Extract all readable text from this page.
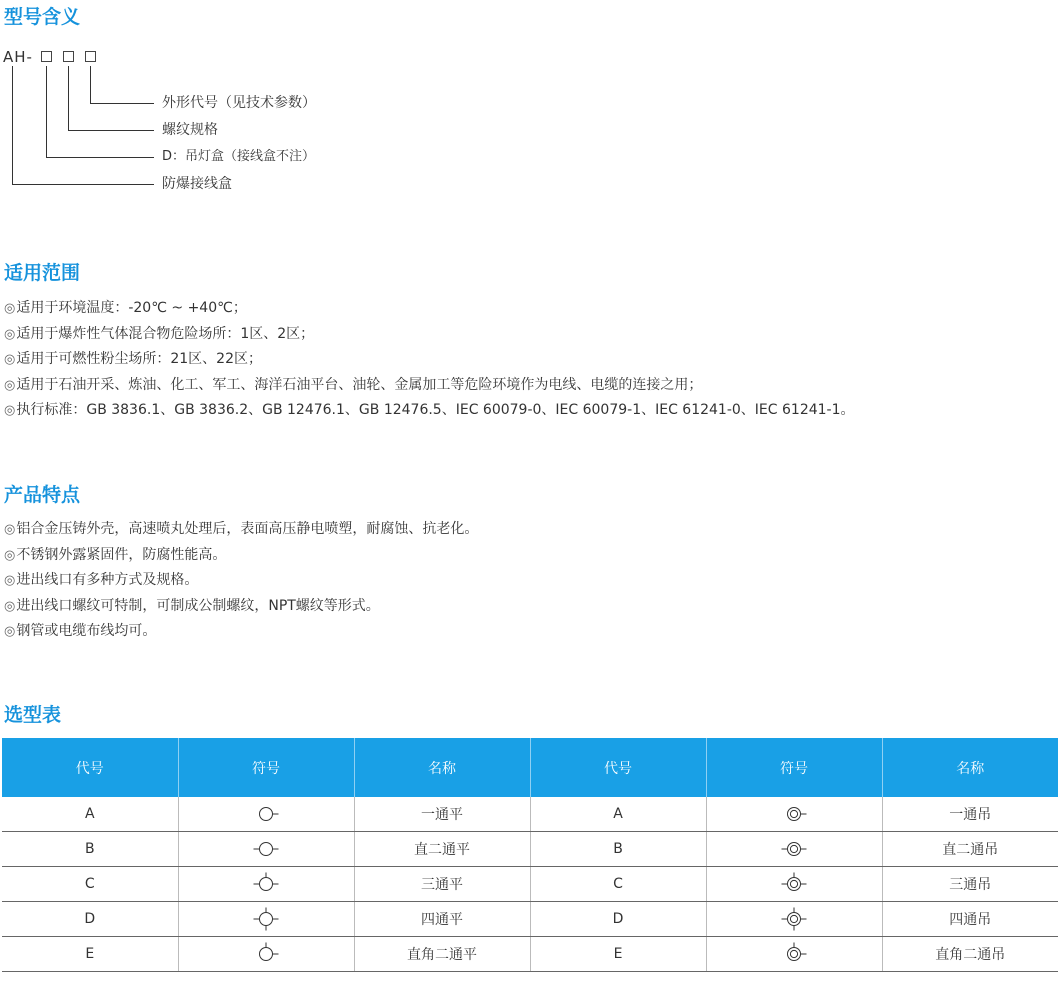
型号含义
AH-
外形代号（见技术参数）
螺纹规格
D：吊灯盒（接线盒不注）
防爆接线盒
适用范围
◎适用于环境温度：-20℃ ~ +40℃；
◎适用于爆炸性气体混合物危险场所：1区、2区；
◎适用于可燃性粉尘场所：21区、22区；
◎适用于石油开采、炼油、化工、军工、海洋石油平台、油轮、金属加工等危险环境作为电线、电缆的连接之用；
◎执行标准：GB 3836.1、GB 3836.2、GB 12476.1、GB 12476.5、IEC 60079-0、IEC 60079-1、IEC 61241-0、IEC 61241-1。
产品特点
◎铝合金压铸外壳，高速喷丸处理后，表面高压静电喷塑，耐腐蚀、抗老化。
◎不锈钢外露紧固件，防腐性能高。
◎进出线口有多种方式及规格。
◎进出线口螺纹可特制，可制成公制螺纹，NPT螺纹等形式。
◎钢管或电缆布线均可。
选型表
代号	符号	名称	代号	符号	名称
A		一通平	A		一通吊
B		直二通平	B		直二通吊
C		三通平	C		三通吊
D		四通平	D		四通吊
E		直角二通平	E		直角二通吊
